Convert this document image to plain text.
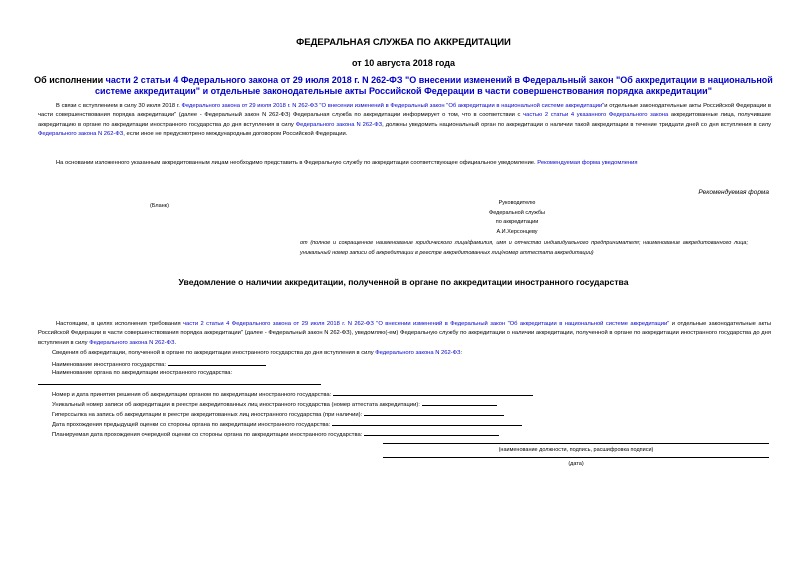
ФЕДЕРАЛЬНАЯ СЛУЖБА ПО АККРЕДИТАЦИИ
от 10 августа 2018 года
Об исполнении части 2 статьи 4 Федерального закона от 29 июля 2018 г. N 262-ФЗ "О внесении изменений в Федеральный закон "Об аккредитации в национальной системе аккредитации" и отдельные законодательные акты Российской Федерации в части совершенствования порядка аккредитации"

В связи с вступлением в силу 30 июля 2018 г. Федерального закона от 29 июля 2018 г. N 262-ФЗ "О внесении изменений в Федеральный закон "Об аккредитации в национальной системе аккредитации"и отдельные законодательные акты Российской Федерации в части совершенствования порядка аккредитации" (далее - Федеральный закон N 262-ФЗ) Федеральная служба по аккредитации информирует о том, что в соответствии с частью 2 статьи 4 указанного Федерального закона аккредитованные лица, получившие аккредитацию в органе по аккредитации иностранного государства до дня вступления в силу Федерального закона N 262-ФЗ, должны уведомить национальный орган по аккредитации о наличии такой аккредитации в течение тридцати дней со дня вступления в силу Федерального закона N 262-ФЗ, если иное не предусмотрено международным договором Российской Федерации.

На основании изложенного указанным аккредитованным лицам необходимо представить в Федеральную службу по аккредитации соответствующее официальное уведомление. Рекомендуемая форма уведомления

Рекомендуемая форма
(Бланк)	Руководителю
Федеральной службы
по аккредитации
А.И.Херсонцеву
от (полное и сокращенное наименование юридического лица/фамилия, имя и отчество индивидуального предпринимателя; наименование аккредитованного лица; уникальный номер записи об аккредитации в реестре аккредитованных лиц/номер аттестата аккредитации)
Уведомление о наличии аккредитации, полученной в органе по аккредитации иностранного государства

Настоящим, в целях исполнения требования части 2 статьи 4 Федерального закона от 29 июля 2018 г. N 262-ФЗ "О внесении изменений в Федеральный закон "Об аккредитации в национальной системе аккредитации" и отдельные законодательные акты Российской Федерации в части совершенствования порядка аккредитации" (далее - Федеральный закон N 262-ФЗ), уведомляю(-ем) Федеральную службу по аккредитации о наличии аккредитации, полученной в органе по аккредитации иностранного государства до дня вступления в силу Федерального закона N 262-ФЗ.

Сведения об аккредитации, полученной в органе по аккредитации иностранного государства до дня вступления в силу Федерального закона N 262-ФЗ:
Наименование иностранного государства:
Наименование органа по аккредитации иностранного государства:
Номер и дата принятия решения об аккредитации органом по аккредитации иностранного государства:
Уникальный номер записи об аккредитации в реестре аккредитованных лиц иностранного государства (номер аттестата аккредитации):
Гиперссылка на запись об аккредитации в реестре аккредитованных лиц иностранного государства (при наличии):
Дата прохождения предыдущей оценки со стороны органа по аккредитации иностранного государства:
Планируемая дата прохождения очередной оценки со стороны органа по аккредитации иностранного государства:
(наименование должности, подпись, расшифровка подписи)
(дата)
